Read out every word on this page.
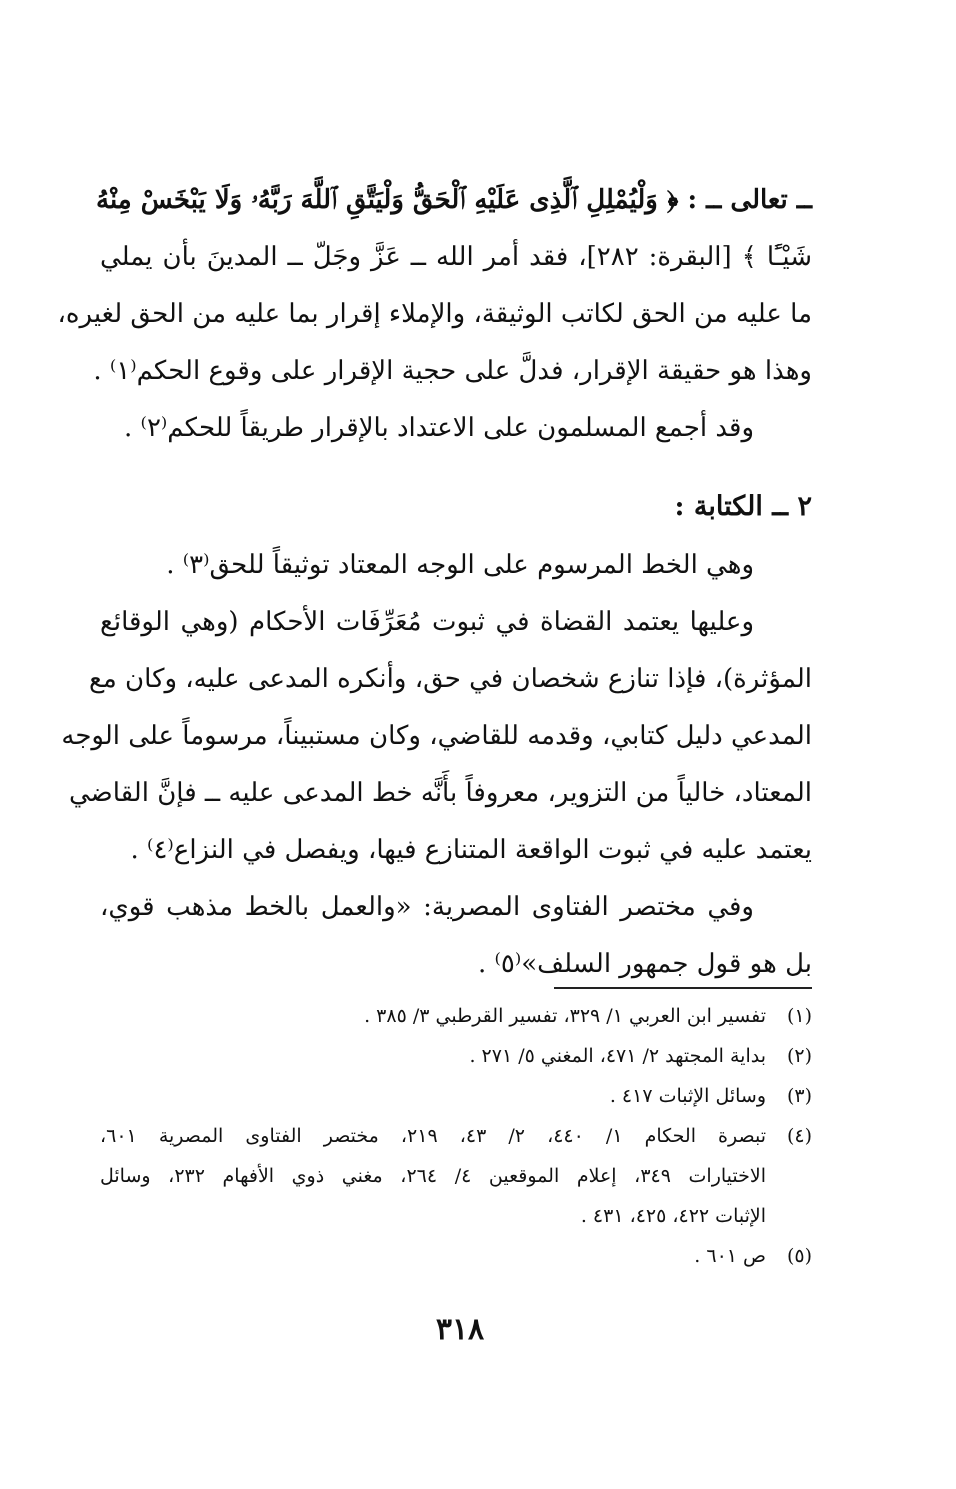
ــ تعالى ــ : ﴿ وَلْيُمْلِلِ ٱلَّذِى عَلَيْهِ ٱلْحَقُّ وَلْيَتَّقِ ٱللَّهَ رَبَّهُۥ وَلَا يَبْخَسْ مِنْهُ
شَيْـًٔا ﴾ [البقرة: ٢٨٢]، فقد أمر الله ــ عَزَّ وجَلّ ــ المدينَ بأن يملي
ما عليه من الحق لكاتب الوثيقة، والإملاء إقرار بما عليه من الحق لغيره،
وهذا هو حقيقة الإقرار، فدلَّ على حجية الإقرار على وقوع الحكم⁽١⁾ .
وقد أجمع المسلمون على الاعتداد بالإقرار طريقاً للحكم⁽٢⁾ .
٢ ــ الكتابة :
وهي الخط المرسوم على الوجه المعتاد توثيقاً للحق⁽٣⁾ .
وعليها يعتمد القضاة في ثبوت مُعَرِّفَات الأحكام (وهي الوقائع
المؤثرة)، فإذا تنازع شخصان في حق، وأنكره المدعى عليه، وكان مع
المدعي دليل كتابي، وقدمه للقاضي، وكان مستبيناً، مرسوماً على الوجه
المعتاد، خالياً من التزوير، معروفاً بأَنَّه خط المدعى عليه ــ فإنَّ القاضي
يعتمد عليه في ثبوت الواقعة المتنازع فيها، ويفصل في النزاع⁽٤⁾ .
وفي مختصر الفتاوى المصرية: «والعمل بالخط مذهب قوي،
بل هو قول جمهور السلف»⁽٥⁾ .
(١)
تفسير ابن العربي ١/ ٣٢٩، تفسير القرطبي ٣/ ٣٨٥ .
(٢)
بداية المجتهد ٢/ ٤٧١، المغني ٥/ ٢٧١ .
(٣)
وسائل الإثبات ٤١٧ .
(٤)
تبصرة الحكام ١/ ٤٤٠، ٢/ ٤٣، ٢١٩، مختصر الفتاوى المصرية ٦٠١،
الاختيارات ٣٤٩، إعلام الموقعين ٤/ ٢٦٤، مغني ذوي الأفهام ٢٣٢، وسائل
الإثبات ٤٢٢، ٤٢٥، ٤٣١ .
(٥)
ص ٦٠١ .
٣١٨
